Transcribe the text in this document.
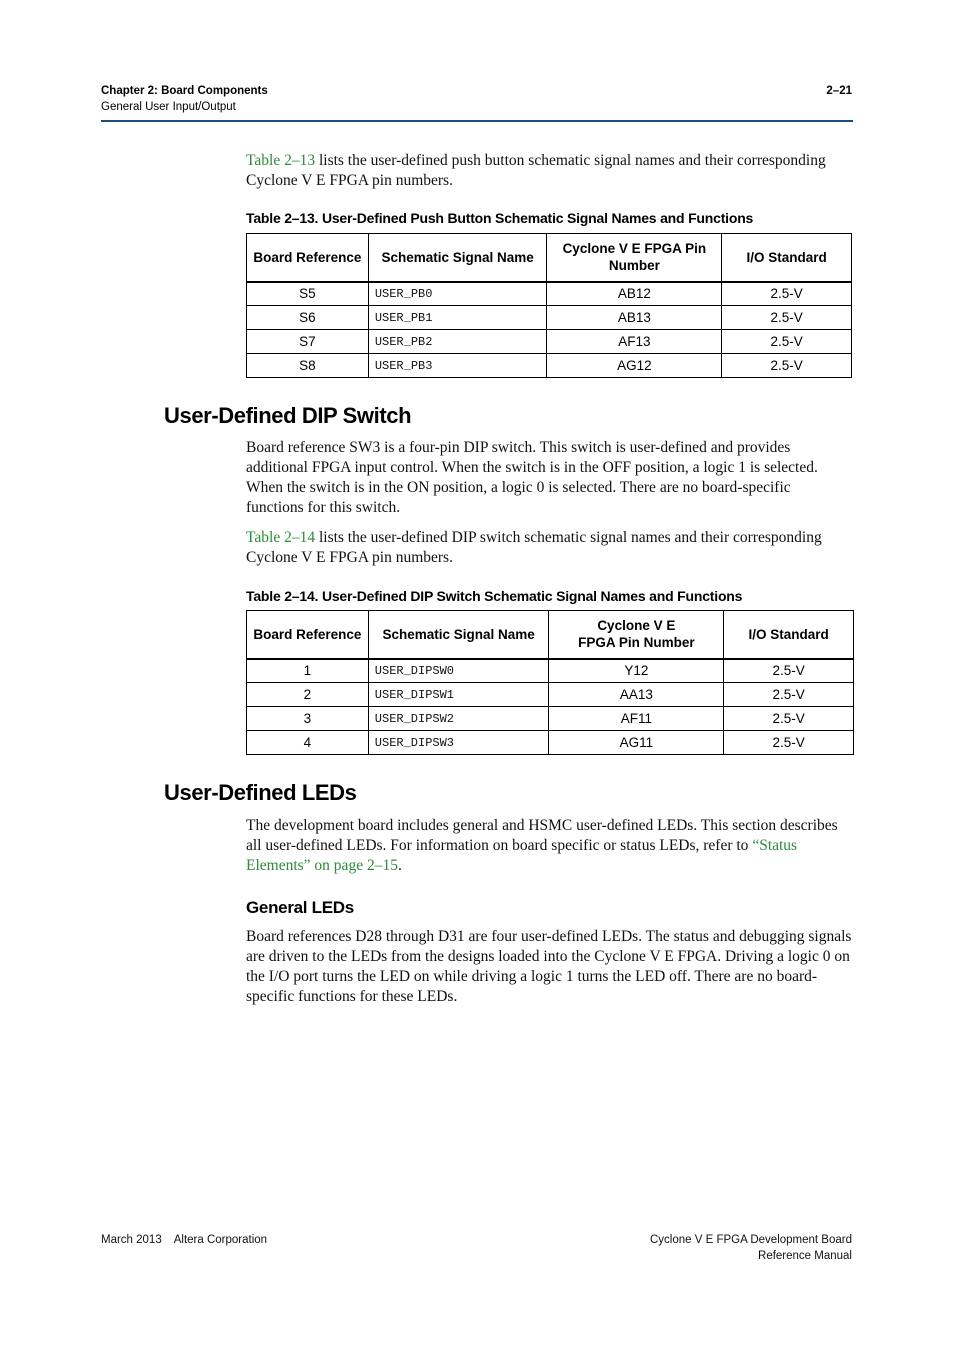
Chapter 2: Board Components
General User Input/Output
2–21
Table 2–13 lists the user-defined push button schematic signal names and their corresponding Cyclone V E FPGA pin numbers.
Table 2–13. User-Defined Push Button Schematic Signal Names and Functions
Board Reference	Schematic Signal Name	Cyclone V E FPGA Pin Number	I/O Standard
S5	USER_PB0	AB12	2.5-V
S6	USER_PB1	AB13	2.5-V
S7	USER_PB2	AF13	2.5-V
S8	USER_PB3	AG12	2.5-V
User-Defined DIP Switch
Board reference SW3 is a four-pin DIP switch. This switch is user-defined and provides additional FPGA input control. When the switch is in the OFF position, a logic 1 is selected. When the switch is in the ON position, a logic 0 is selected. There are no board-specific functions for this switch.
Table 2–14 lists the user-defined DIP switch schematic signal names and their corresponding Cyclone V E FPGA pin numbers.
Table 2–14. User-Defined DIP Switch Schematic Signal Names and Functions
Board Reference	Schematic Signal Name	Cyclone V E FPGA Pin Number	I/O Standard
1	USER_DIPSW0	Y12	2.5-V
2	USER_DIPSW1	AA13	2.5-V
3	USER_DIPSW2	AF11	2.5-V
4	USER_DIPSW3	AG11	2.5-V
User-Defined LEDs
The development board includes general and HSMC user-defined LEDs. This section describes all user-defined LEDs. For information on board specific or status LEDs, refer to “Status Elements” on page 2–15.
General LEDs
Board references D28 through D31 are four user-defined LEDs. The status and debugging signals are driven to the LEDs from the designs loaded into the Cyclone V E FPGA. Driving a logic 0 on the I/O port turns the LED on while driving a logic 1 turns the LED off. There are no board-specific functions for these LEDs.
March 2013 Altera Corporation	Cyclone V E FPGA Development Board
Reference Manual
